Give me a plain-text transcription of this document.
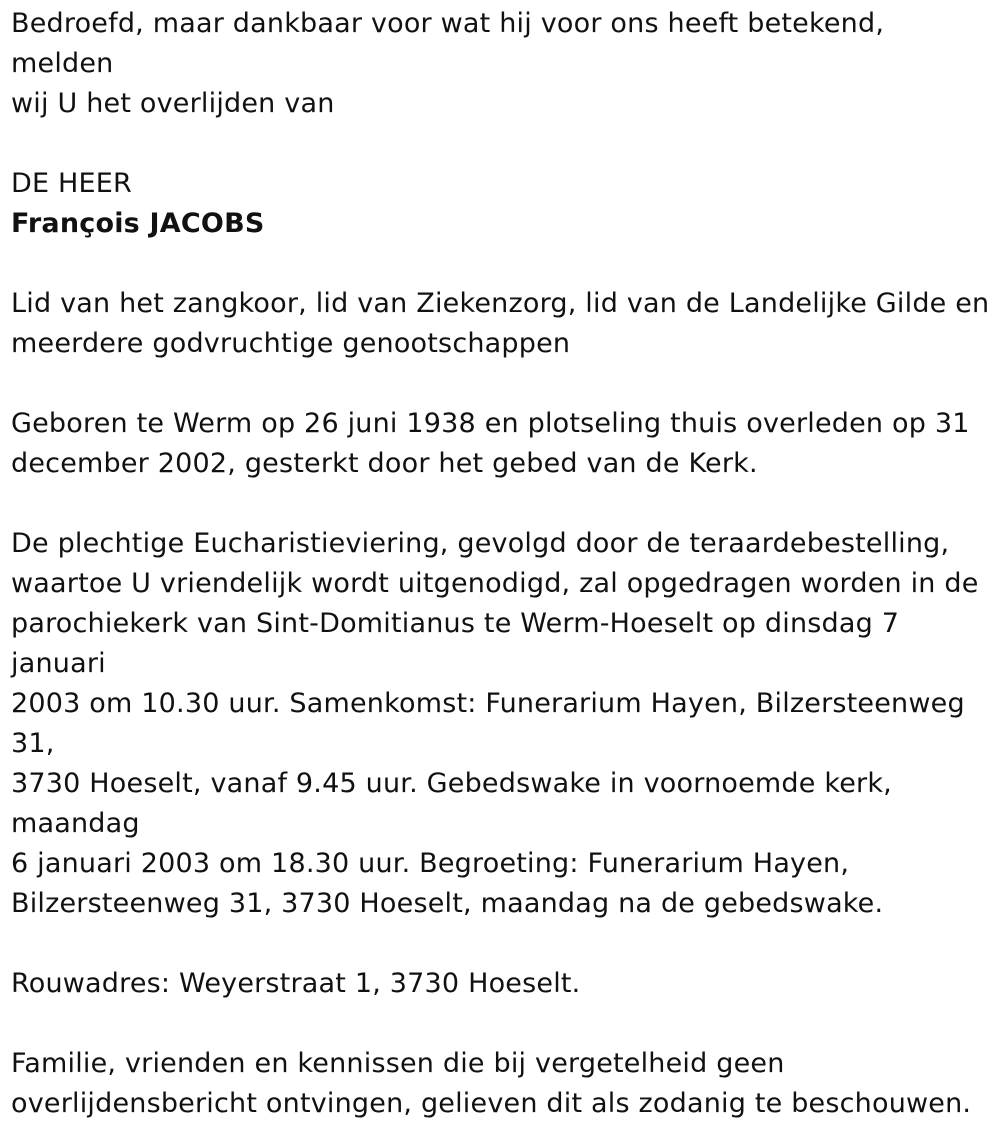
Bedroefd, maar dankbaar voor wat hij voor ons heeft betekend, melden
wij U het overlijden van

DE HEER

François JACOBS

Lid van het zangkoor, lid van Ziekenzorg, lid van de Landelijke Gilde en
meerdere godvruchtige genootschappen

Geboren te Werm op 26 juni 1938 en plotseling thuis overleden op 31
december 2002, gesterkt door het gebed van de Kerk.

De plechtige Eucharistieviering, gevolgd door de teraardebestelling,
waartoe U vriendelijk wordt uitgenodigd, zal opgedragen worden in de
parochiekerk van Sint-Domitianus te Werm-Hoeselt op dinsdag 7 januari
2003 om 10.30 uur. Samenkomst: Funerarium Hayen, Bilzersteenweg 31,
3730 Hoeselt, vanaf 9.45 uur. Gebedswake in voornoemde kerk, maandag
6 januari 2003 om 18.30 uur. Begroeting: Funerarium Hayen,
Bilzersteenweg 31, 3730 Hoeselt, maandag na de gebedswake.

Rouwadres: Weyerstraat 1, 3730 Hoeselt.

Familie, vrienden en kennissen die bij vergetelheid geen
overlijdensbericht ontvingen, gelieven dit als zodanig te beschouwen.
